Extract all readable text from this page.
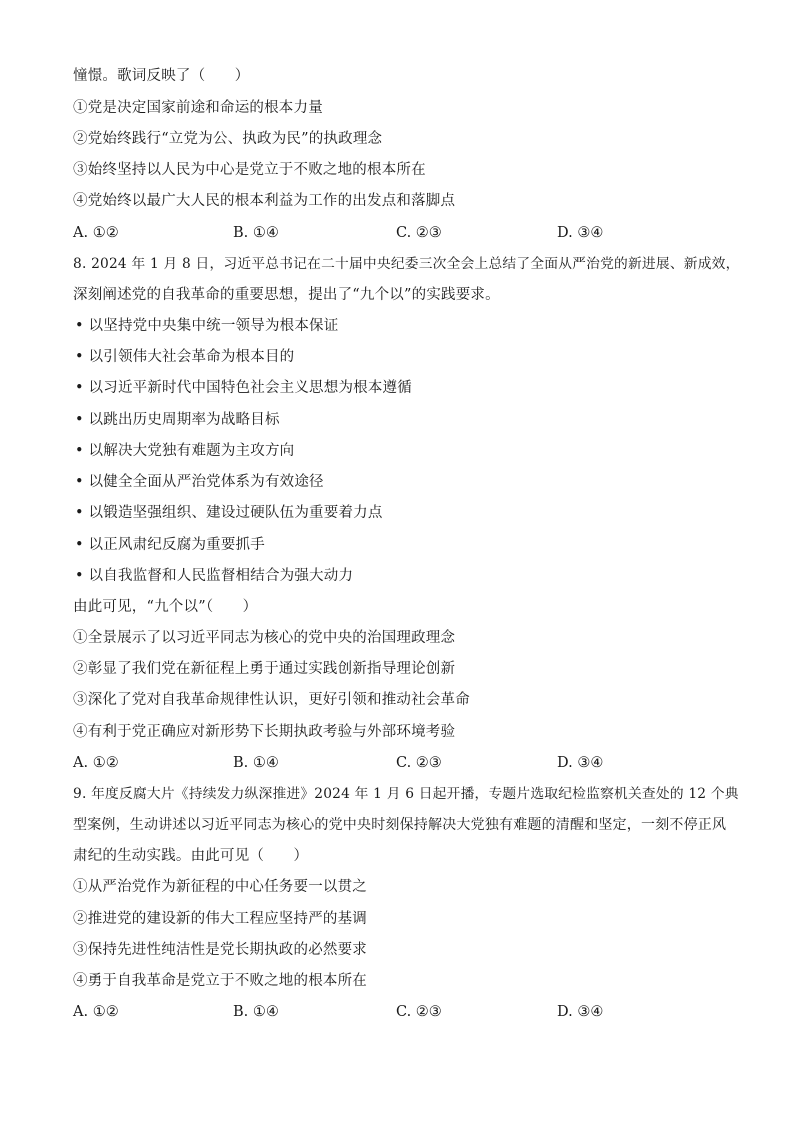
憧憬。歌词反映了（　　）
①党是决定国家前途和命运的根本力量
②党始终践行“立党为公、执政为民”的执政理念
③始终坚持以人民为中心是党立于不败之地的根本所在
④党始终以最广大人民的根本利益为工作的出发点和落脚点
A. ①②	B. ①④	C. ②③	D. ③④
8. 2024 年 1 月 8 日，习近平总书记在二十届中央纪委三次全会上总结了全面从严治党的新进展、新成效，
深刻阐述党的自我革命的重要思想，提出了“九个以”的实践要求。
• 以坚持党中央集中统一领导为根本保证
• 以引领伟大社会革命为根本目的
• 以习近平新时代中国特色社会主义思想为根本遵循
• 以跳出历史周期率为战略目标
• 以解决大党独有难题为主攻方向
• 以健全全面从严治党体系为有效途径
• 以锻造坚强组织、建设过硬队伍为重要着力点
• 以正风肃纪反腐为重要抓手
• 以自我监督和人民监督相结合为强大动力
由此可见，“九个以”（　　）
①全景展示了以习近平同志为核心的党中央的治国理政理念
②彰显了我们党在新征程上勇于通过实践创新指导理论创新
③深化了党对自我革命规律性认识，更好引领和推动社会革命
④有利于党正确应对新形势下长期执政考验与外部环境考验
A. ①②	B. ①④	C. ②③	D. ③④
9. 年度反腐大片《持续发力纵深推进》2024 年 1 月 6 日起开播，专题片选取纪检监察机关查处的 12 个典
型案例，生动讲述以习近平同志为核心的党中央时刻保持解决大党独有难题的清醒和坚定，一刻不停正风
肃纪的生动实践。由此可见（　　）
①从严治党作为新征程的中心任务要一以贯之
②推进党的建设新的伟大工程应坚持严的基调
③保持先进性纯洁性是党长期执政的必然要求
④勇于自我革命是党立于不败之地的根本所在
A. ①②	B. ①④	C. ②③	D. ③④
